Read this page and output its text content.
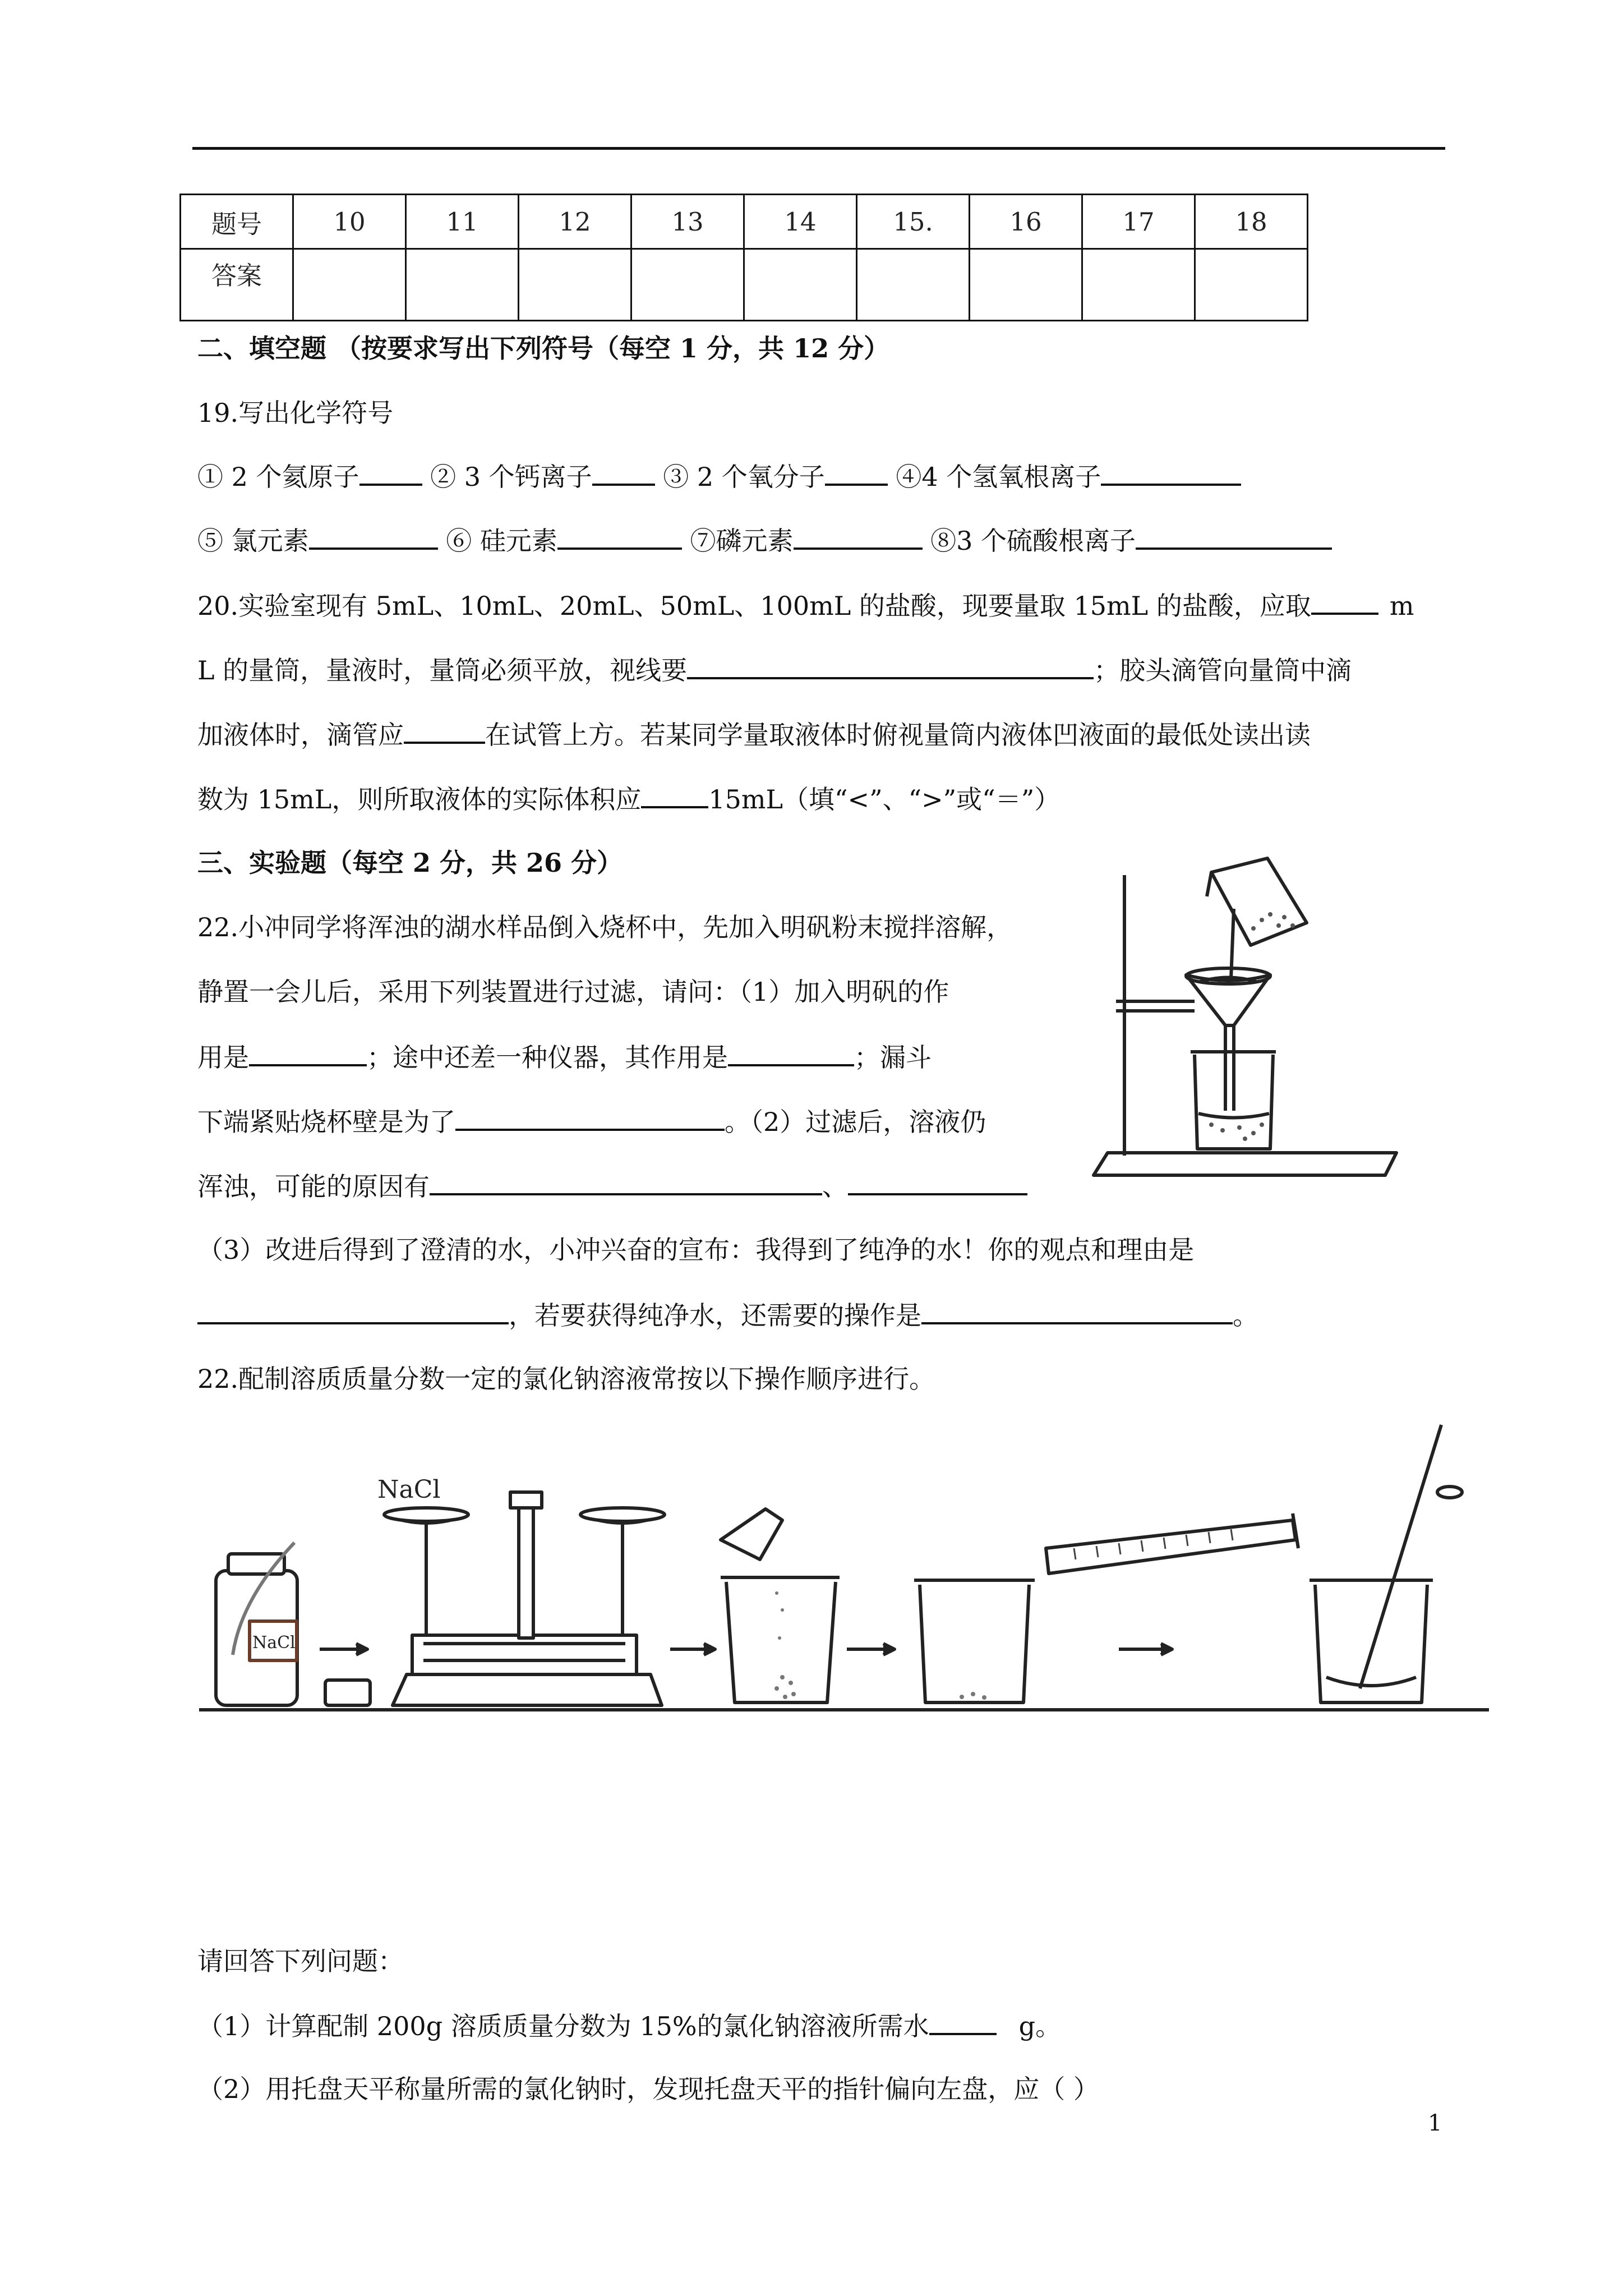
题号	10	11	12	13	14	15.	16	17	18
答案									
二、填空题 （按要求写出下列符号（每空 1 分，共 12 分）
19.写出化学符号
① 2 个氦原子	② 3 个钙离子	③ 2 个氧分子	④4 个氢氧根离子
⑤ 氯元素	⑥ 硅元素	⑦磷元素	⑧3 个硫酸根离子
20.实验室现有 5mL、10mL、20mL、50mL、100mL 的盐酸，现要量取 15mL 的盐酸，应取	m
L 的量筒，量液时，量筒必须平放，视线要	；胶头滴管向量筒中滴
加液体时，滴管应	在试管上方。若某同学量取液体时俯视量筒内液体凹液面的最低处读出读
数为 15mL，则所取液体的实际体积应	15mL（填“<”、“>”或“＝”）
三、实验题（每空 2 分，共 26 分）
22.小冲同学将浑浊的湖水样品倒入烧杯中，先加入明矾粉末搅拌溶解，
静置一会儿后，采用下列装置进行过滤，请问：（1）加入明矾的作
用是	；途中还差一种仪器，其作用是	；漏斗
下端紧贴烧杯壁是为了	。（2）过滤后，溶液仍
浑浊，可能的原因有	、
（3）改进后得到了澄清的水，小冲兴奋的宣布：我得到了纯净的水！你的观点和理由是
，若要获得纯净水，还需要的操作是	。
22.配制溶质质量分数一定的氯化钠溶液常按以下操作顺序进行。
NaCl
NaCl
请回答下列问题：
（1）计算配制 200g 溶质质量分数为 15%的氯化钠溶液所需水	g。
（2）用托盘天平称量所需的氯化钠时，发现托盘天平的指针偏向左盘，应（ ）
1
